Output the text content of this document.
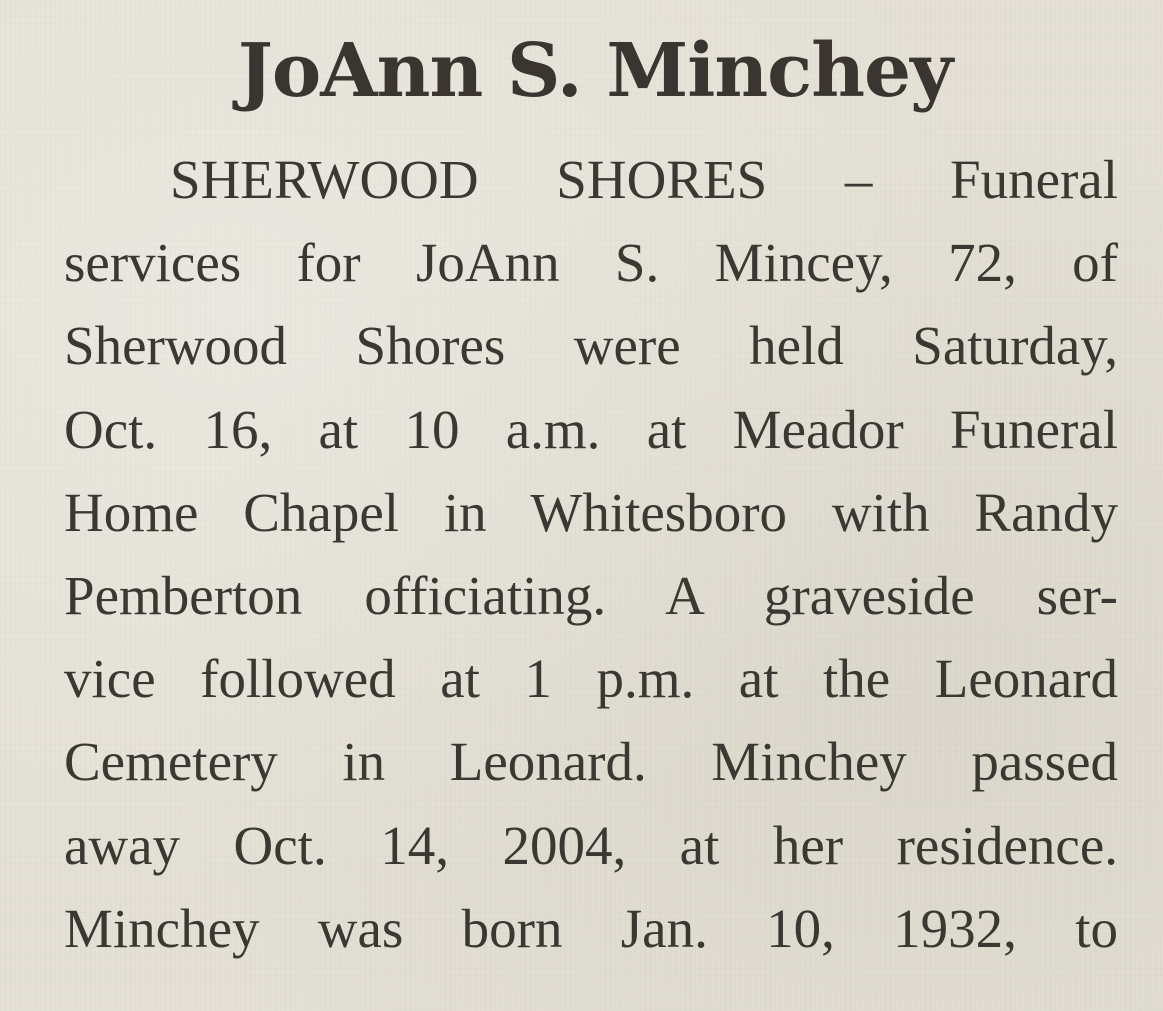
JoAnn S. Minchey
SHERWOOD SHORES – Funeral
services for JoAnn S. Mincey, 72, of
Sherwood Shores were held Saturday,
Oct. 16, at 10 a.m. at Meador Funeral
Home Chapel in Whitesboro with Randy
Pemberton officiating. A graveside ser-
vice followed at 1 p.m. at the Leonard
Cemetery in Leonard. Minchey passed
away Oct. 14, 2004, at her residence.
Minchey was born Jan. 10, 1932, to
